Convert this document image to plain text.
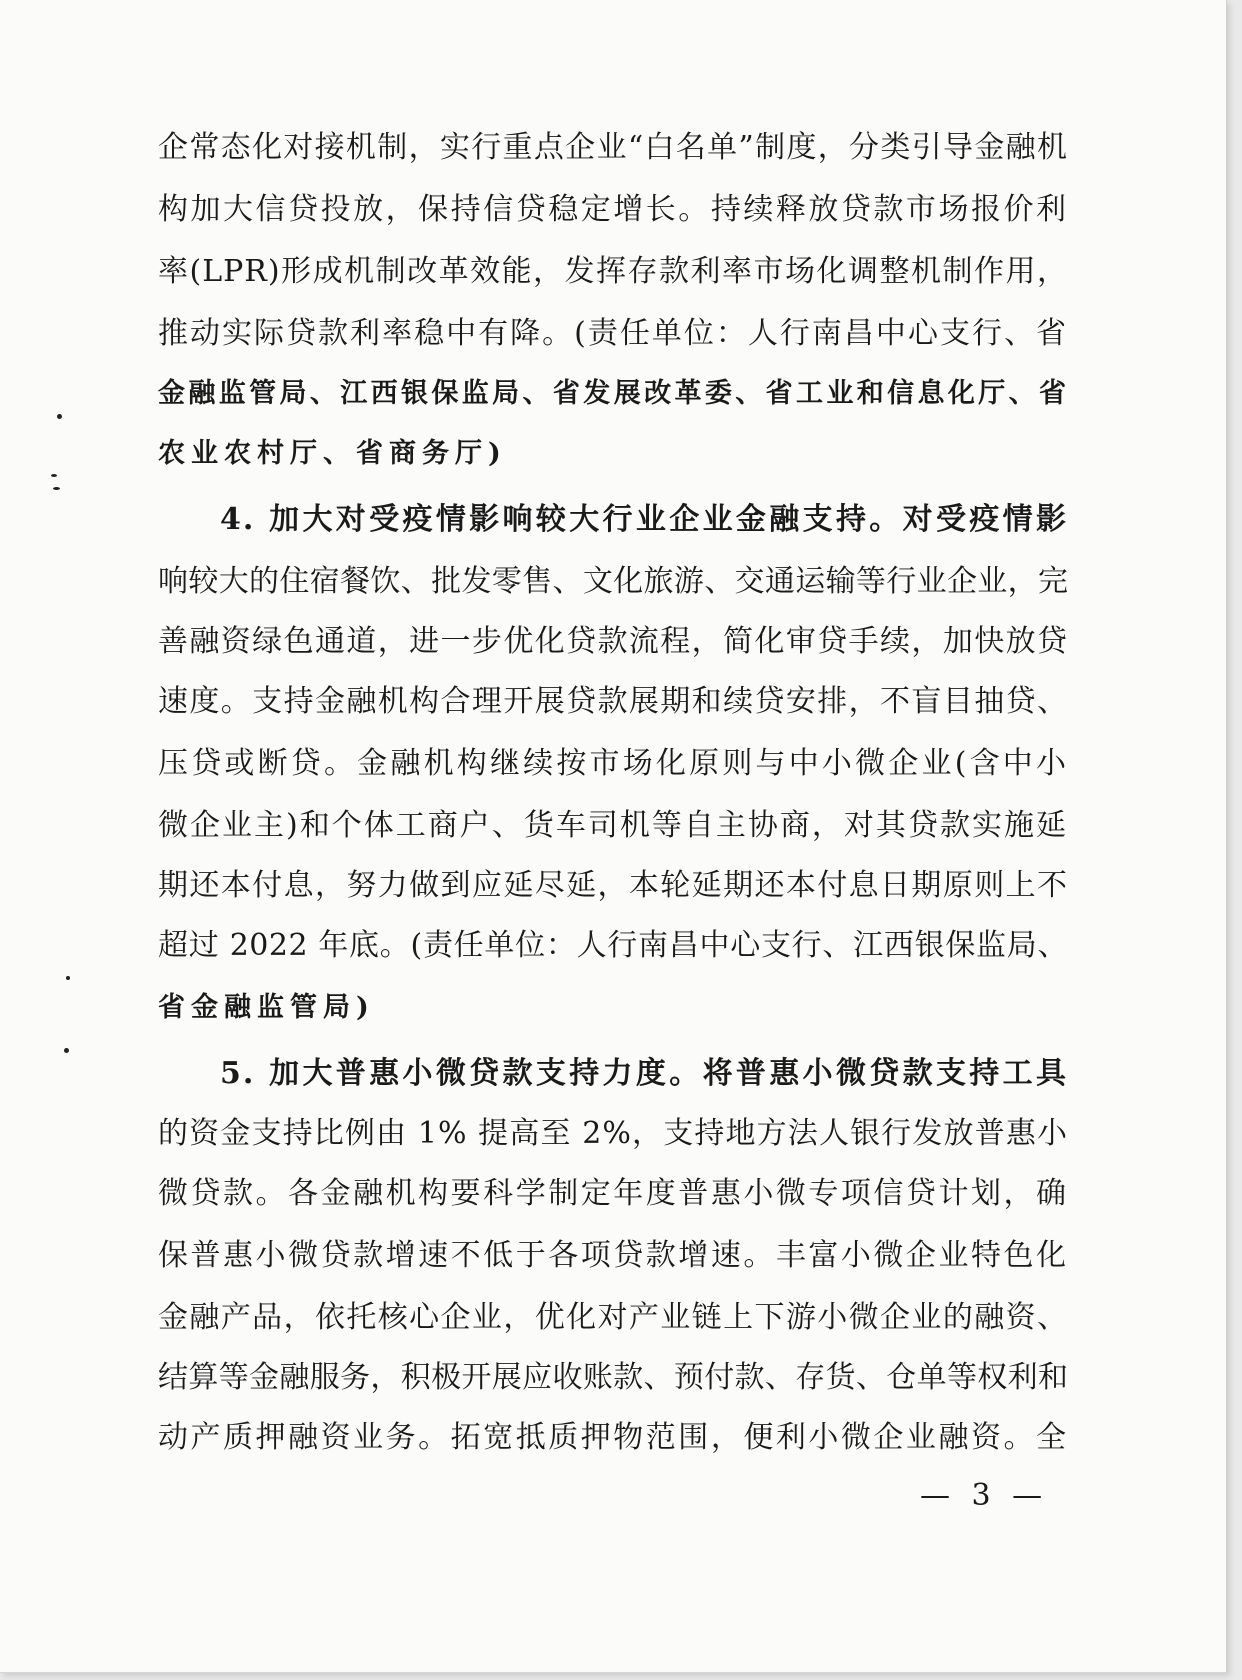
企常态化对接机制，实行重点企业“白名单”制度，分类引导金融机
构加大信贷投放，保持信贷稳定增长。持续释放贷款市场报价利
率(LPR)形成机制改革效能，发挥存款利率市场化调整机制作用，
推动实际贷款利率稳中有降。(责任单位：人行南昌中心支行、省
金融监管局、江西银保监局、省发展改革委、省工业和信息化厅、省
农业农村厅、省商务厅)
4. 加大对受疫情影响较大行业企业金融支持。对受疫情影
响较大的住宿餐饮、批发零售、文化旅游、交通运输等行业企业，完
善融资绿色通道，进一步优化贷款流程，简化审贷手续，加快放贷
速度。支持金融机构合理开展贷款展期和续贷安排，不盲目抽贷、
压贷或断贷。金融机构继续按市场化原则与中小微企业(含中小
微企业主)和个体工商户、货车司机等自主协商，对其贷款实施延
期还本付息，努力做到应延尽延，本轮延期还本付息日期原则上不
超过 2022 年底。(责任单位：人行南昌中心支行、江西银保监局、
省金融监管局)
5. 加大普惠小微贷款支持力度。将普惠小微贷款支持工具
的资金支持比例由 1% 提高至 2%，支持地方法人银行发放普惠小
微贷款。各金融机构要科学制定年度普惠小微专项信贷计划，确
保普惠小微贷款增速不低于各项贷款增速。丰富小微企业特色化
金融产品，依托核心企业，优化对产业链上下游小微企业的融资、
结算等金融服务，积极开展应收账款、预付款、存货、仓单等权利和
动产质押融资业务。拓宽抵质押物范围，便利小微企业融资。全
— 3 —
